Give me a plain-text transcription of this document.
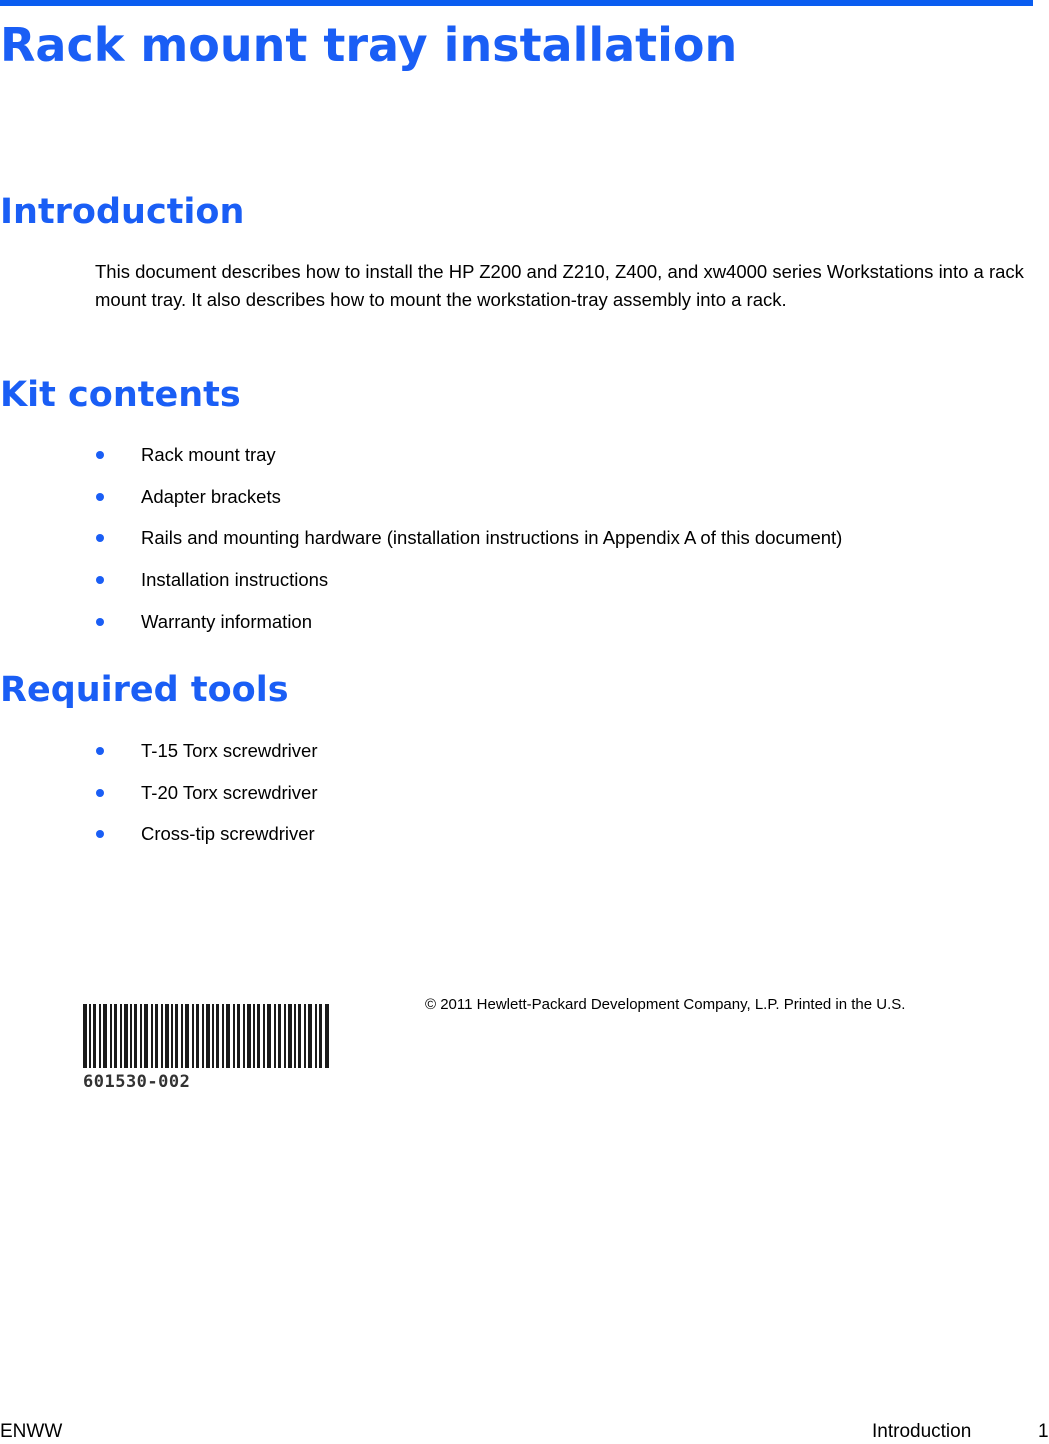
Rack mount tray installation
Introduction

This document describes how to install the HP Z200 and Z210, Z400, and xw4000 series Workstations into a rack mount tray. It also describes how to mount the workstation-tray assembly into a rack.

Kit contents
Rack mount tray
Adapter brackets
Rails and mounting hardware (installation instructions in Appendix A of this document)
Installation instructions
Warranty information
Required tools
T-15 Torx screwdriver
T-20 Torx screwdriver
Cross-tip screwdriver
601530-002
© 2011 Hewlett-Packard Development Company, L.P. Printed in the U.S.
ENWW	Introduction	1
